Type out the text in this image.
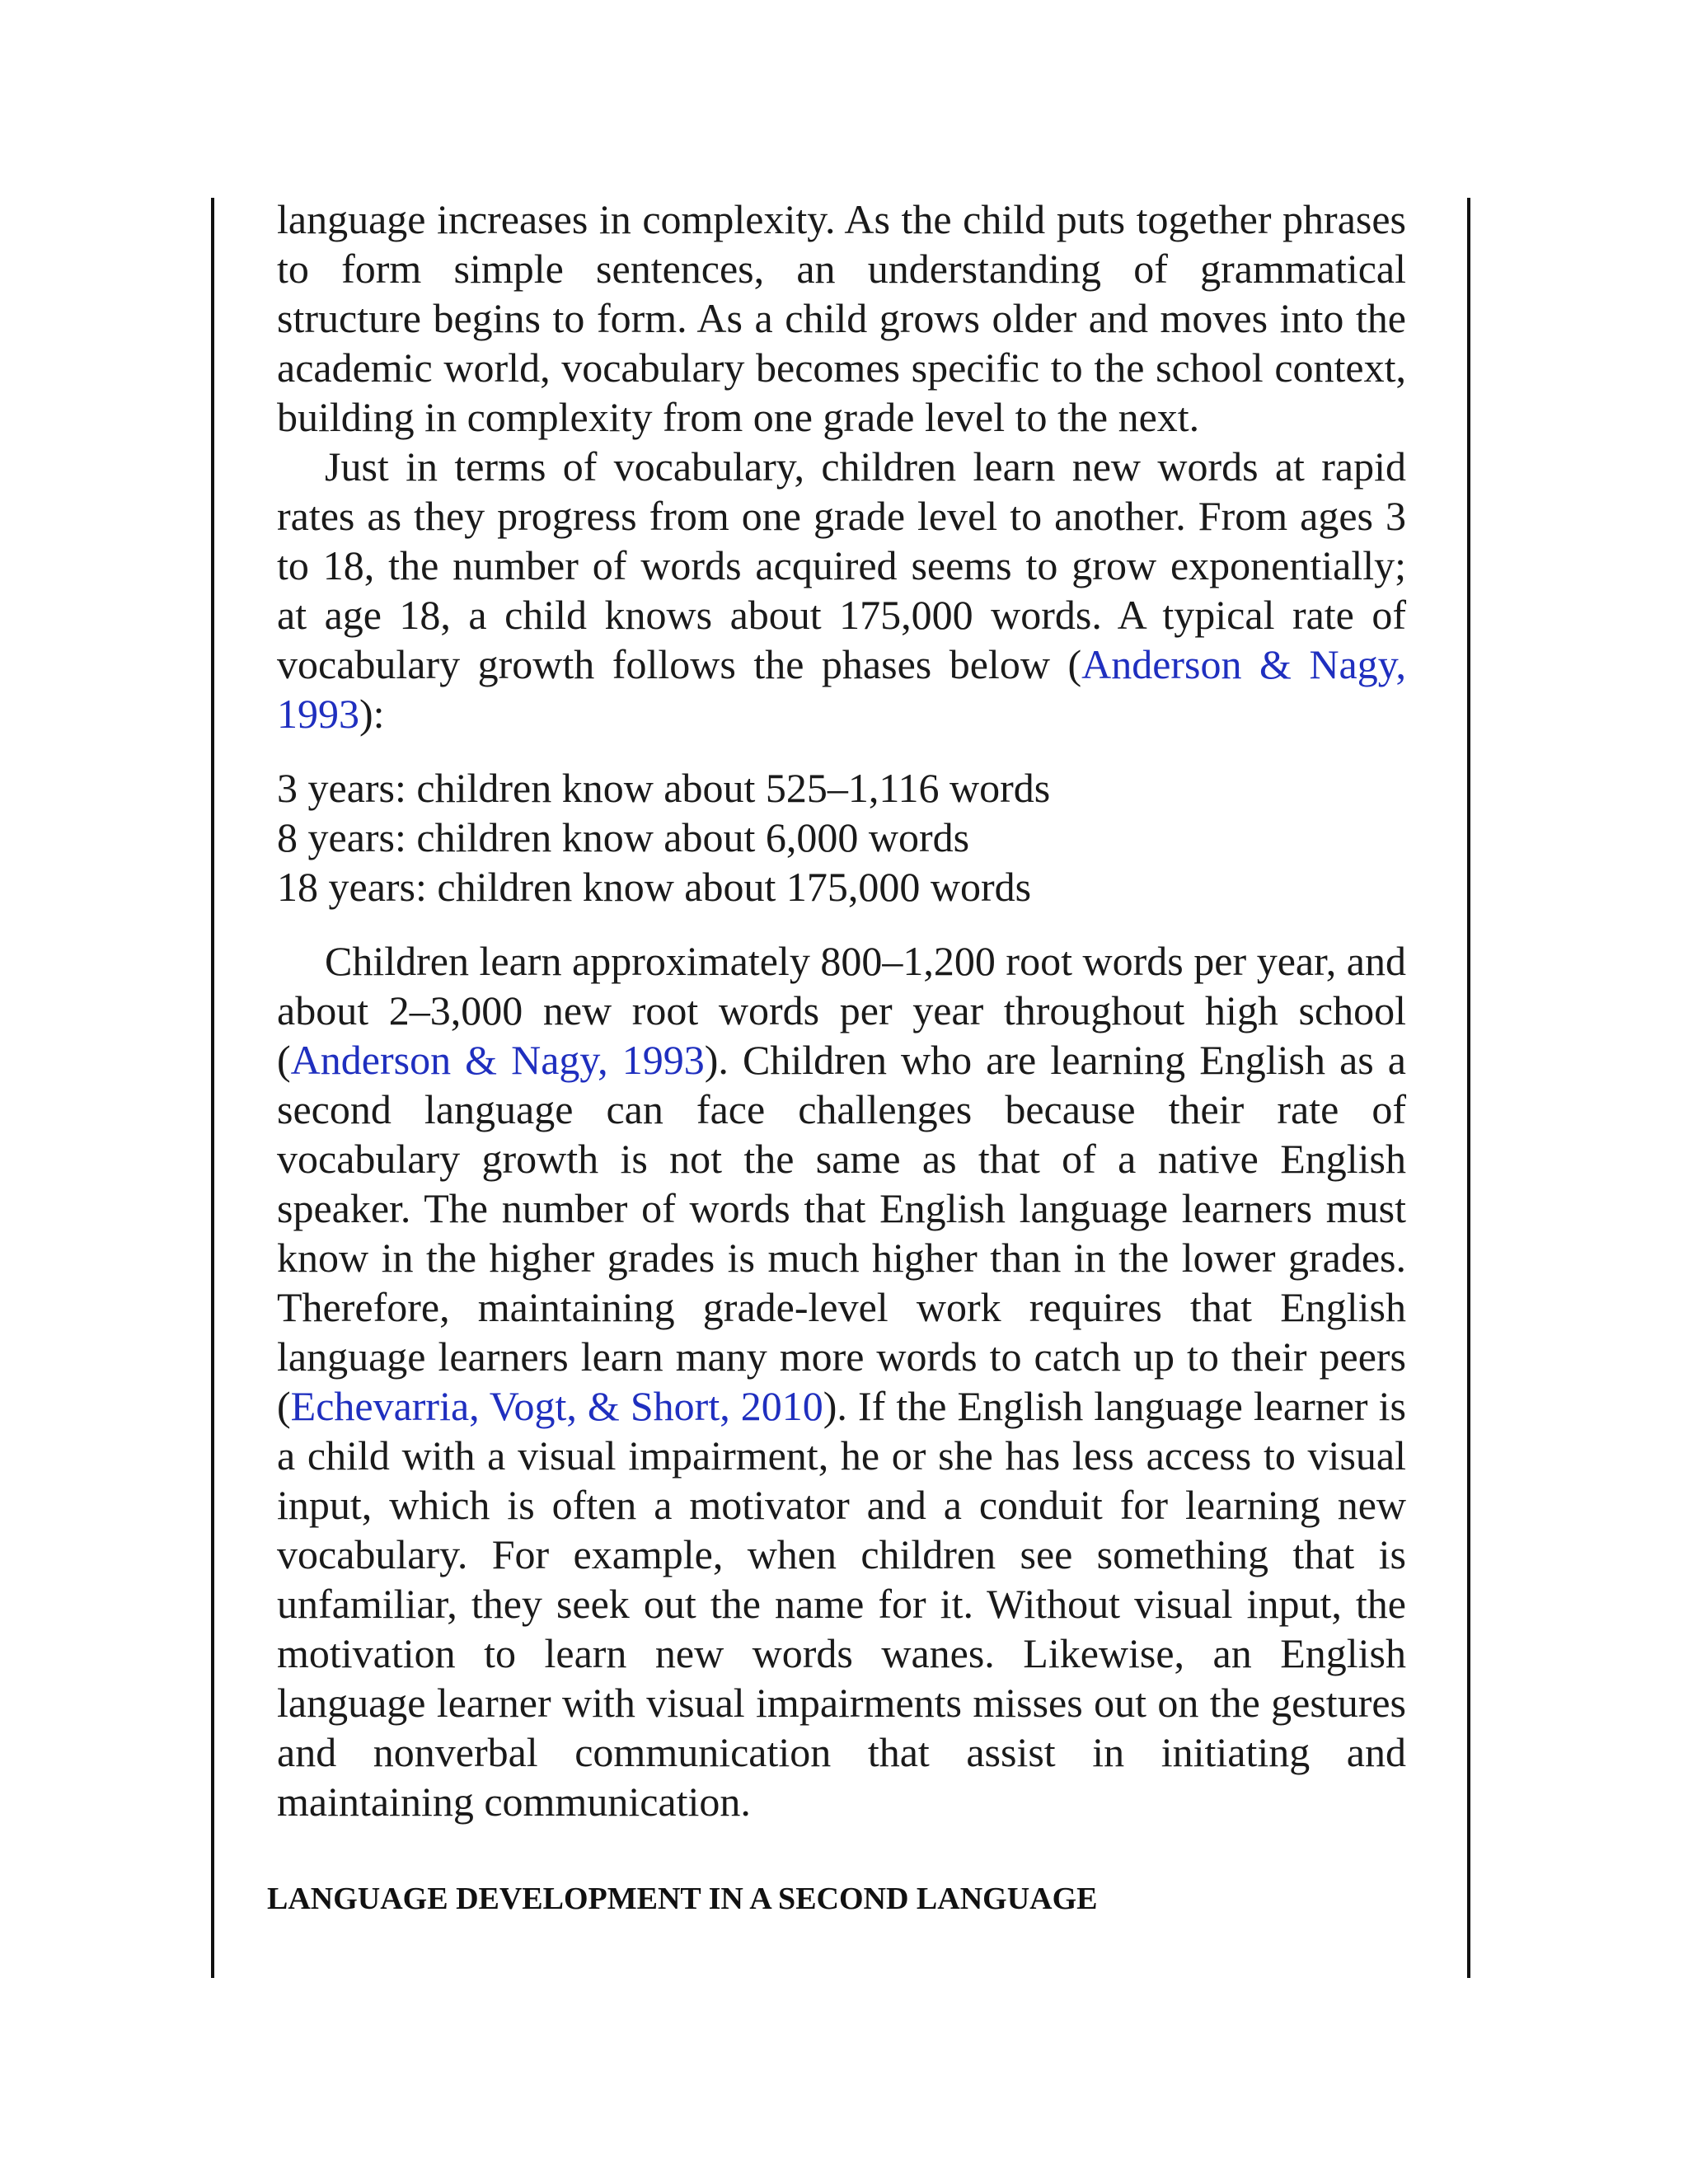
language increases in complexity. As the child puts together phrases to form simple sentences, an understanding of grammatical structure begins to form. As a child grows older and moves into the academic world, vocabulary becomes specific to the school context, building in complexity from one grade level to the next.

Just in terms of vocabulary, children learn new words at rapid rates as they progress from one grade level to another. From ages 3 to 18, the number of words acquired seems to grow exponentially; at age 18, a child knows about 175,000 words. A typical rate of vocabulary growth follows the phases below (Anderson & Nagy, 1993):

3 years: children know about 525–1,116 words
8 years: children know about 6,000 words
18 years: children know about 175,000 words

Children learn approximately 800–1,200 root words per year, and about 2–3,000 new root words per year throughout high school (Anderson & Nagy, 1993). Children who are learning English as a second language can face challenges because their rate of vocabulary growth is not the same as that of a native English speaker. The number of words that English language learners must know in the higher grades is much higher than in the lower grades. Therefore, maintaining grade-level work requires that English language learners learn many more words to catch up to their peers (Echevarria, Vogt, & Short, 2010). If the English language learner is a child with a visual impairment, he or she has less access to visual input, which is often a motivator and a conduit for learning new vocabulary. For example, when children see something that is unfamiliar, they seek out the name for it. Without visual input, the motivation to learn new words wanes. Likewise, an English language learner with visual impairments misses out on the gestures and nonverbal communication that assist in initiating and maintaining communication.

LANGUAGE DEVELOPMENT IN A SECOND LANGUAGE
